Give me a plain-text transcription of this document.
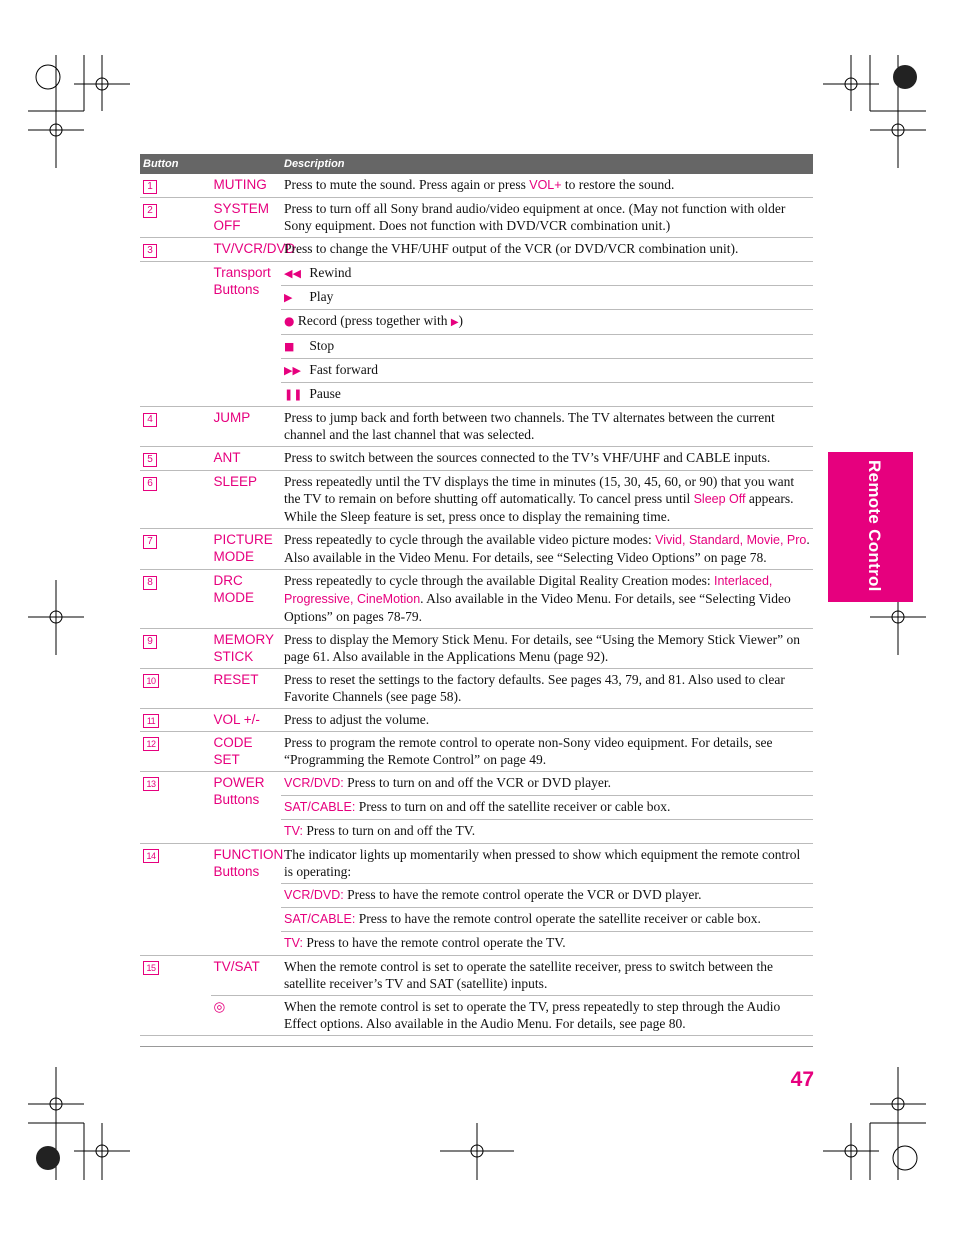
Button		Description
1	MUTING	Press to mute the sound. Press again or press VOL+ to restore the sound.
2	SYSTEM OFF	Press to turn off all Sony brand audio/video equipment at once. (May not function with older Sony equipment. Does not function with DVD/VCR combination unit.)
3	TV/VCR/DVD	Press to change the VHF/UHF output of the VCR (or DVD/VCR combination unit).
	Transport Buttons	◀◀ Rewind
		▶ Play
		● Record (press together with ▶)
		■ Stop
		▶▶ Fast forward
		❚❚ Pause
4	JUMP	Press to jump back and forth between two channels. The TV alternates between the current channel and the last channel that was selected.
5	ANT	Press to switch between the sources connected to the TV’s VHF/UHF and CABLE inputs.
6	SLEEP	Press repeatedly until the TV displays the time in minutes (15, 30, 45, 60, or 90) that you want the TV to remain on before shutting off automatically. To cancel press until Sleep Off appears. While the Sleep feature is set, press once to display the remaining time.
7	PICTURE MODE	Press repeatedly to cycle through the available video picture modes: Vivid, Standard, Movie, Pro. Also available in the Video Menu. For details, see “Selecting Video Options” on page 78.
8	DRC MODE	Press repeatedly to cycle through the available Digital Reality Creation modes: Interlaced, Progressive, CineMotion. Also available in the Video Menu. For details, see “Selecting Video Options” on pages 78-79.
9	MEMORY STICK	Press to display the Memory Stick Menu. For details, see “Using the Memory Stick Viewer” on page 61. Also available in the Applications Menu (page 92).
10	RESET	Press to reset the settings to the factory defaults. See pages 43, 79, and 81. Also used to clear Favorite Channels (see page 58).
11	VOL +/-	Press to adjust the volume.
12	CODE SET	Press to program the remote control to operate non-Sony video equipment. For details, see “Programming the Remote Control” on page 49.
13	POWER Buttons	VCR/DVD: Press to turn on and off the VCR or DVD player.
		SAT/CABLE: Press to turn on and off the satellite receiver or cable box.
		TV: Press to turn on and off the TV.
14	FUNCTION Buttons	The indicator lights up momentarily when pressed to show which equipment the remote control is operating:
		VCR/DVD: Press to have the remote control operate the VCR or DVD player.
		SAT/CABLE: Press to have the remote control operate the satellite receiver or cable box.
		TV: Press to have the remote control operate the TV.
15	TV/SAT	When the remote control is set to operate the satellite receiver, press to switch between the satellite receiver’s TV and SAT (satellite) inputs.
	◎	When the remote control is set to operate the TV, press repeatedly to step through the Audio Effect options. Also available in the Audio Menu. For details, see page 80.
Remote Control
47
